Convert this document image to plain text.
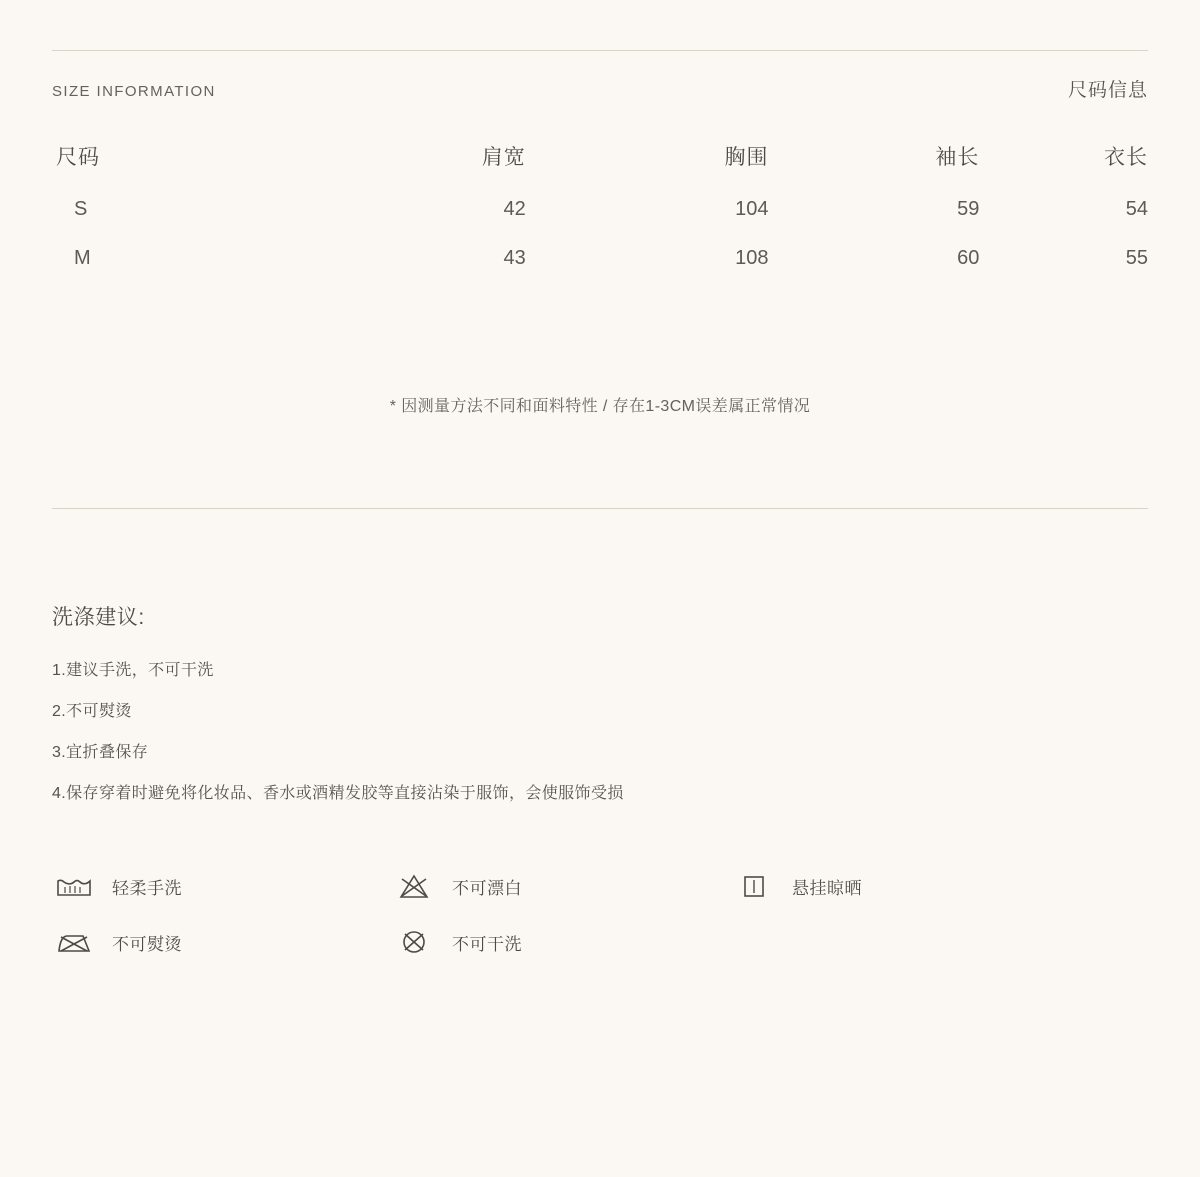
SIZE INFORMATION	尺码信息
尺码	肩宽	胸围	袖长	衣长
S	42	104	59	54
M	43	108	60	55
* 因测量方法不同和面料特性 / 存在1-3CM误差属正常情况
洗涤建议:
1.建议手洗，不可干洗
2.不可熨烫
3.宜折叠保存
4.保存穿着时避免将化妆品、香水或酒精发胶等直接沾染于服饰，会使服饰受损
轻柔手洗	不可漂白	悬挂晾晒
不可熨烫	不可干洗
